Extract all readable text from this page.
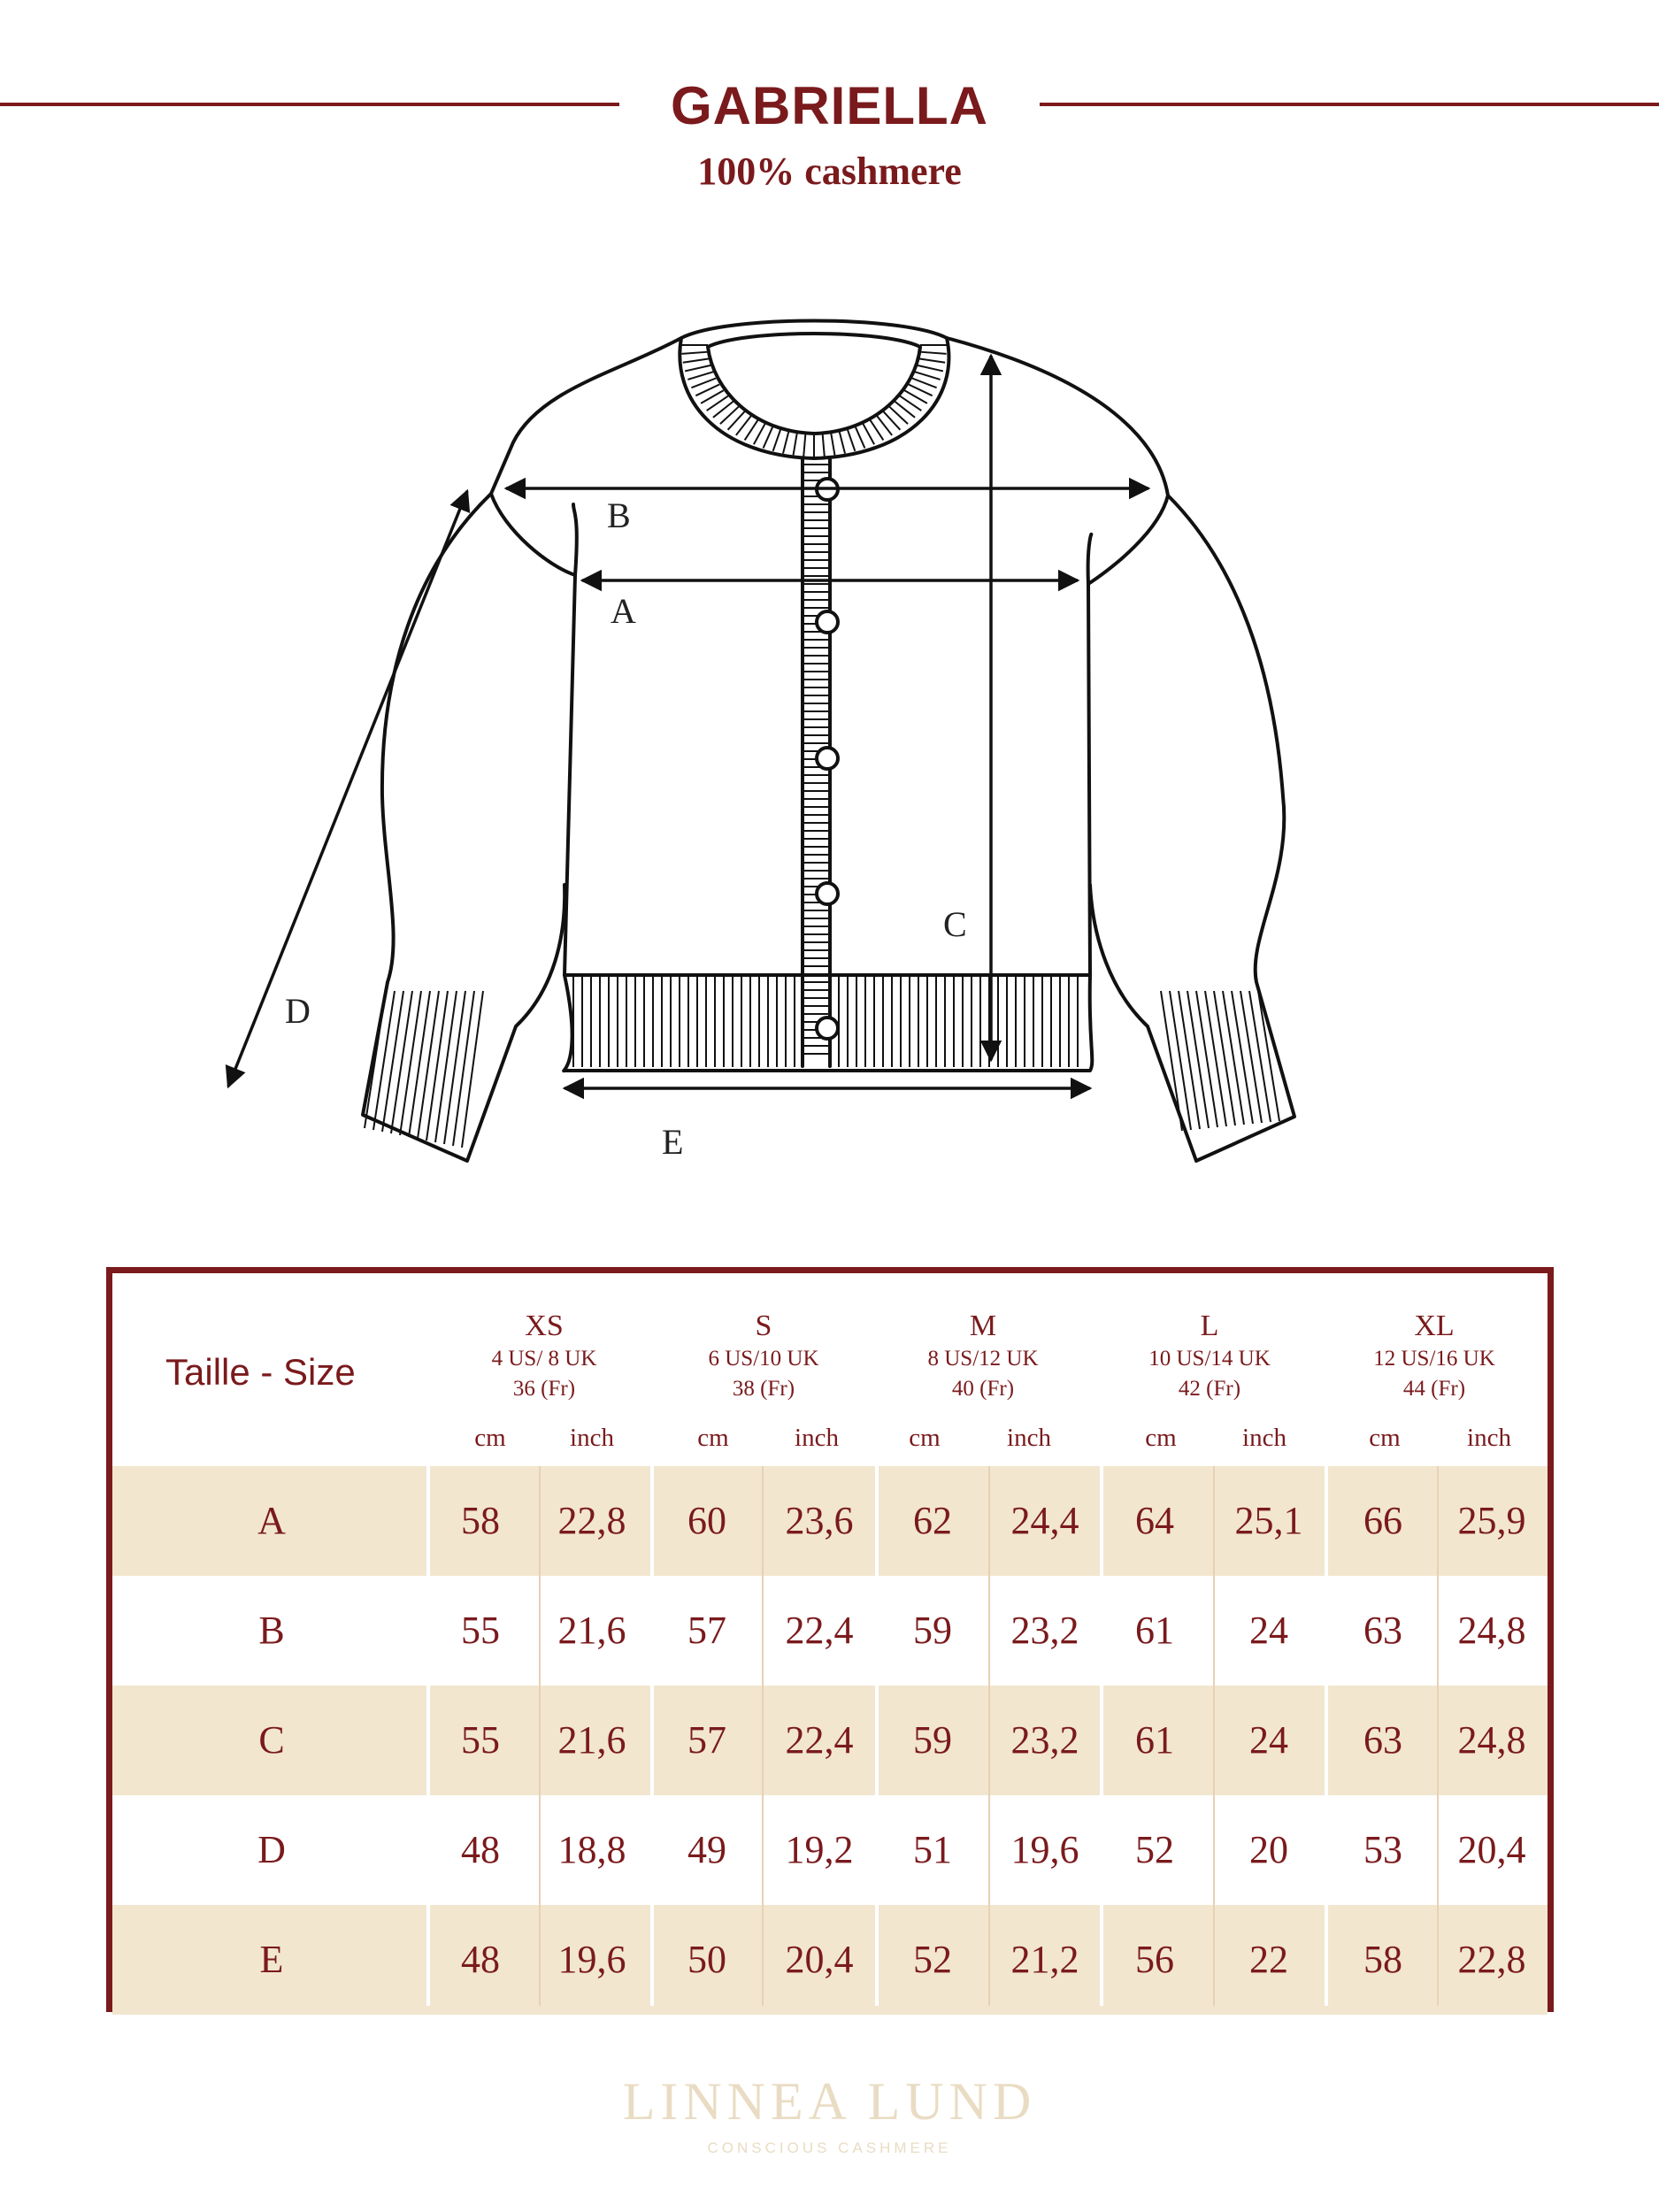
GABRIELLA
100% cashmere
B
A
C
D
E
Taille - Size
XS
4 US/ 8 UK
36 (Fr)
S
6 US/10 UK
38 (Fr)
M
8 US/12 UK
40 (Fr)
L
10 US/14 UK
42 (Fr)
XL
12 US/16 UK
44 (Fr)
cm	inch	cm	inch	cm	inch	cm	inch	cm	inch
A	58	22,8	60	23,6	62	24,4	64	25,1	66	25,9
B	55	21,6	57	22,4	59	23,2	61	24	63	24,8
C	55	21,6	57	22,4	59	23,2	61	24	63	24,8
D	48	18,8	49	19,2	51	19,6	52	20	53	20,4
E	48	19,6	50	20,4	52	21,2	56	22	58	22,8
LINNEA LUND
CONSCIOUS CASHMERE
